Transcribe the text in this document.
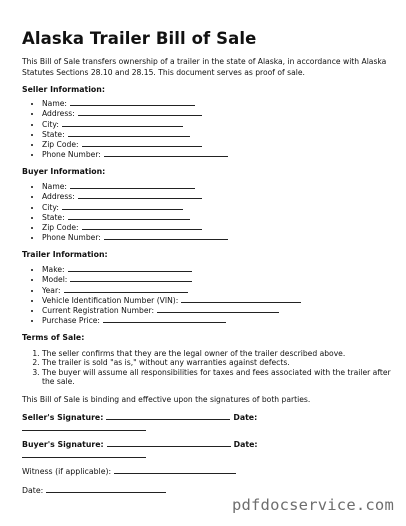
Alaska Trailer Bill of Sale
This Bill of Sale transfers ownership of a trailer in the state of Alaska, in accordance with Alaska Statutes Sections 28.10 and 28.15. This document serves as proof of sale.
Seller Information:
• Name:
• Address:
• City:
• State:
• Zip Code:
• Phone Number:
Buyer Information:
• Name:
• Address:
• City:
• State:
• Zip Code:
• Phone Number:
Trailer Information:
• Make:
• Model:
• Year:
• Vehicle Identification Number (VIN):
• Current Registration Number:
• Purchase Price:
Terms of Sale:
1. The seller confirms that they are the legal owner of the trailer described above.
2. The trailer is sold "as is," without any warranties against defects.
3. The buyer will assume all responsibilities for taxes and fees associated with the trailer after the sale.
This Bill of Sale is binding and effective upon the signatures of both parties.
Seller's Signature:	Date:
Buyer's Signature:	Date:
Witness (if applicable):
Date:
pdfdocservice.com
